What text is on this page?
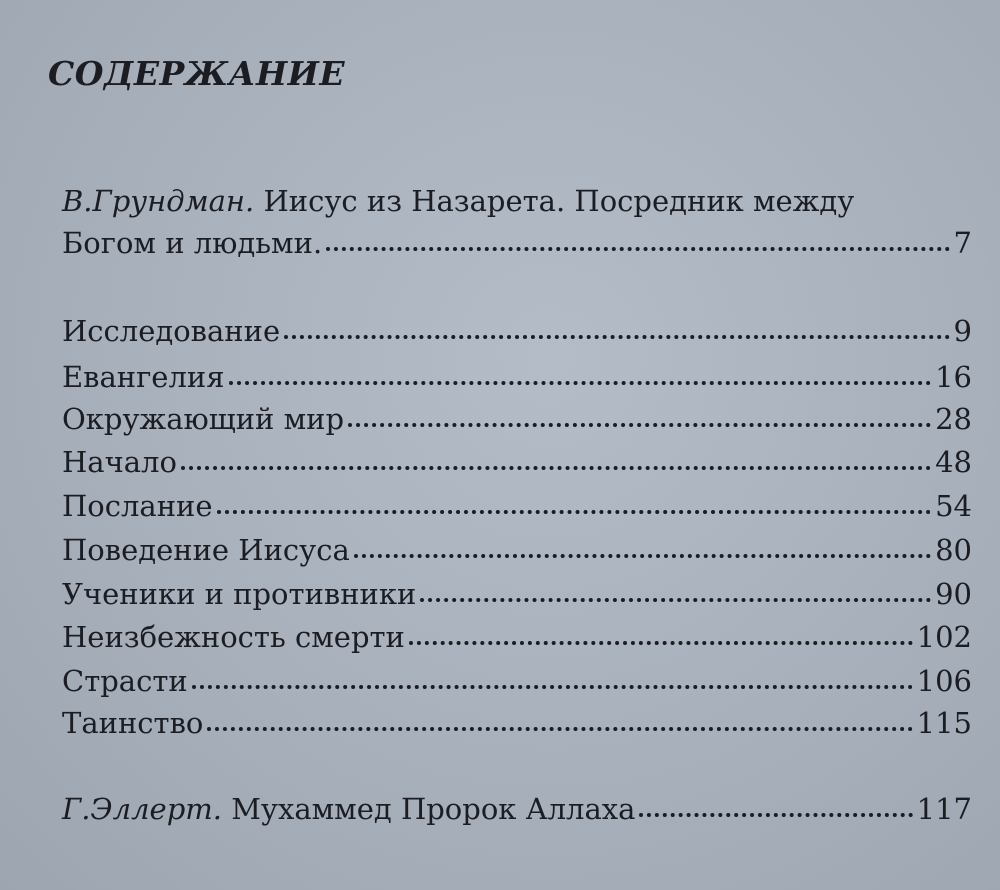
СОДЕРЖАНИЕ
В.Грундман. Иисус из Назарета. Посредник между
Богом и людьми.	7
Исследование	9
Евангелия	16
Окружающий мир	28
Начало	48
Послание	54
Поведение Иисуса	80
Ученики и противники	90
Неизбежность смерти	102
Страсти	106
Таинство	115
Г.Эллерт. Мухаммед Пророк Аллаха	117
